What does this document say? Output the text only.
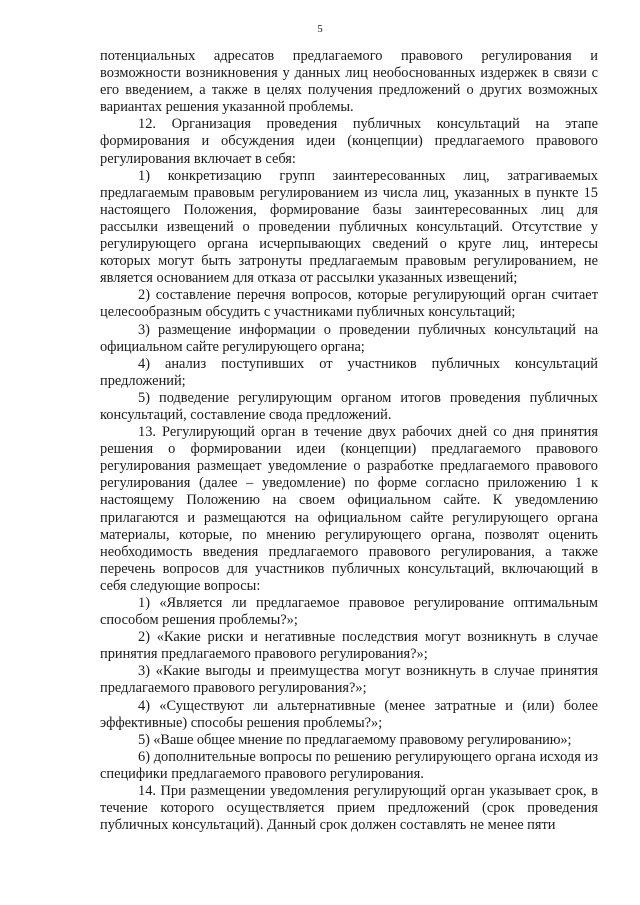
5

потенциальных адресатов предлагаемого правового регулирования и возможности возникновения у данных лиц необоснованных издержек в связи с его введением, а также в целях получения предложений о других возможных вариантах решения указанной проблемы.

12. Организация проведения публичных консультаций на этапе формирования и обсуждения идеи (концепции) предлагаемого правового регулирования включает в себя:

1) конкретизацию групп заинтересованных лиц, затрагиваемых предлагаемым правовым регулированием из числа лиц, указанных в пункте 15 настоящего Положения, формирование базы заинтересованных лиц для рассылки извещений о проведении публичных консультаций. Отсутствие у регулирующего органа исчерпывающих сведений о круге лиц, интересы которых могут быть затронуты предлагаемым правовым регулированием, не является основанием для отказа от рассылки указанных извещений;

2) составление перечня вопросов, которые регулирующий орган считает целесообразным обсудить с участниками публичных консультаций;

3) размещение информации о проведении публичных консультаций на официальном сайте регулирующего органа;

4) анализ поступивших от участников публичных консультаций предложений;

5) подведение регулирующим органом итогов проведения публичных консультаций, составление свода предложений.

13. Регулирующий орган в течение двух рабочих дней со дня принятия решения о формировании идеи (концепции) предлагаемого правового регулирования размещает уведомление о разработке предлагаемого правового регулирования (далее – уведомление) по форме согласно приложению 1 к настоящему Положению на своем официальном сайте. К уведомлению прилагаются и размещаются на официальном сайте регулирующего органа материалы, которые, по мнению регулирующего органа, позволят оценить необходимость введения предлагаемого правового регулирования, а также перечень вопросов для участников публичных консультаций, включающий в себя следующие вопросы:

1) «Является ли предлагаемое правовое регулирование оптимальным способом решения проблемы?»;

2) «Какие риски и негативные последствия могут возникнуть в случае принятия предлагаемого правового регулирования?»;

3) «Какие выгоды и преимущества могут возникнуть в случае принятия предлагаемого правового регулирования?»;

4) «Существуют ли альтернативные (менее затратные и (или) более эффективные) способы решения проблемы?»;

5) «Ваше общее мнение по предлагаемому правовому регулированию»;

6) дополнительные вопросы по решению регулирующего органа исходя из специфики предлагаемого правового регулирования.

14. При размещении уведомления регулирующий орган указывает срок, в течение которого осуществляется прием предложений (срок проведения публичных консультаций). Данный срок должен составлять не менее пяти
